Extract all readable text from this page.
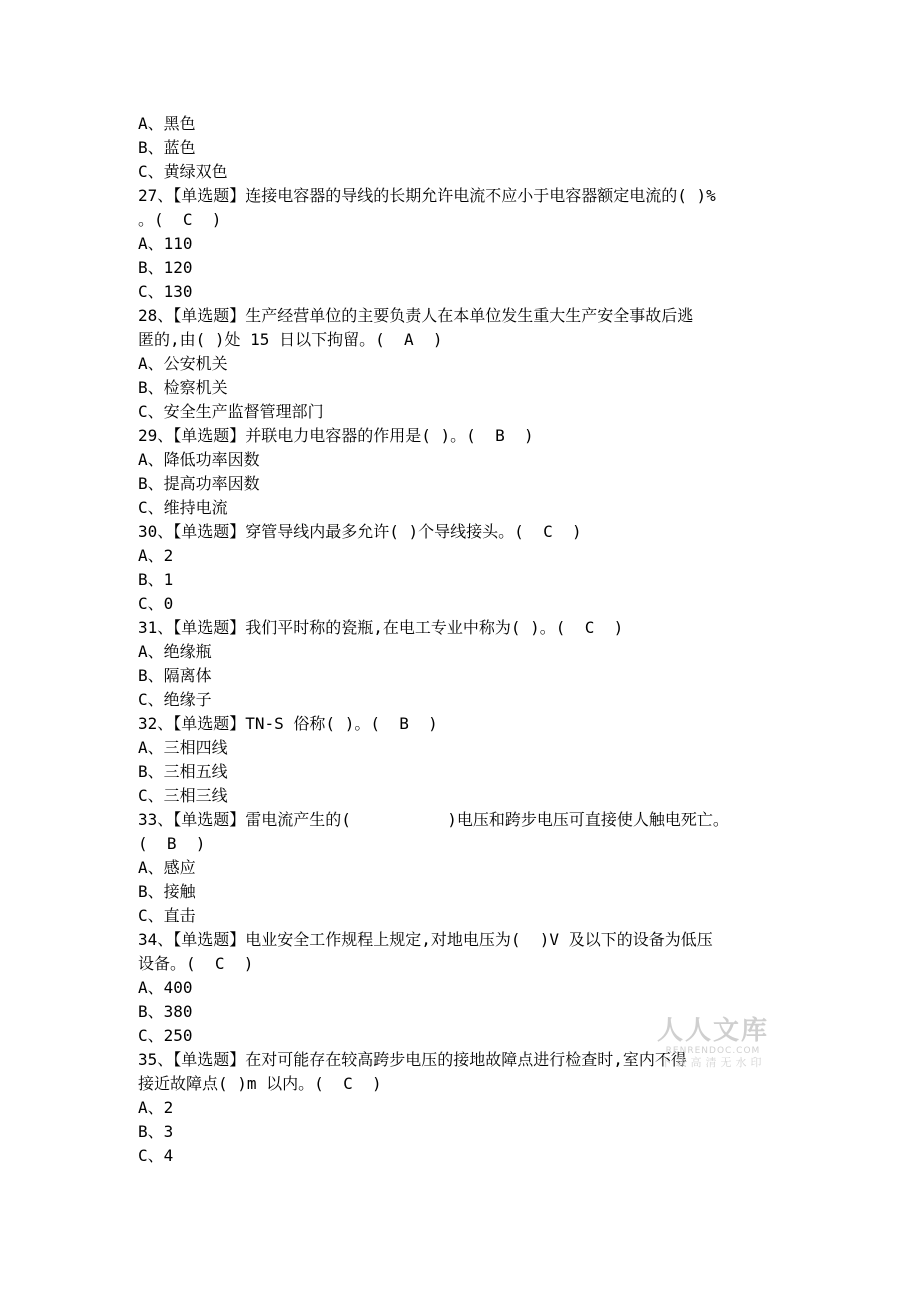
A、黑色
B、蓝色
C、黄绿双色
27、【单选题】连接电容器的导线的长期允许电流不应小于电容器额定电流的( )%
。(  C  )
A、110
B、120
C、130
28、【单选题】生产经营单位的主要负责人在本单位发生重大生产安全事故后逃
匿的,由( )处 15 日以下拘留。(  A  )
A、公安机关
B、检察机关
C、安全生产监督管理部门
29、【单选题】并联电力电容器的作用是( )。(  B  )
A、降低功率因数
B、提高功率因数
C、维持电流
30、【单选题】穿管导线内最多允许( )个导线接头。(  C  )
A、2
B、1
C、0
31、【单选题】我们平时称的瓷瓶,在电工专业中称为( )。(  C  )
A、绝缘瓶
B、隔离体
C、绝缘子
32、【单选题】TN-S 俗称( )。(  B  )
A、三相四线
B、三相五线
C、三相三线
33、【单选题】雷电流产生的(          )电压和跨步电压可直接使人触电死亡。
(  B  )
A、感应
B、接触
C、直击
34、【单选题】电业安全工作规程上规定,对地电压为(  )V 及以下的设备为低压
设备。(  C  )
A、400
B、380
C、250
35、【单选题】在对可能存在较高跨步电压的接地故障点进行检查时,室内不得
接近故障点( )m 以内。(  C  )
A、2
B、3
C、4
人人文库
RENRENDOC.COM
下载高清无水印
